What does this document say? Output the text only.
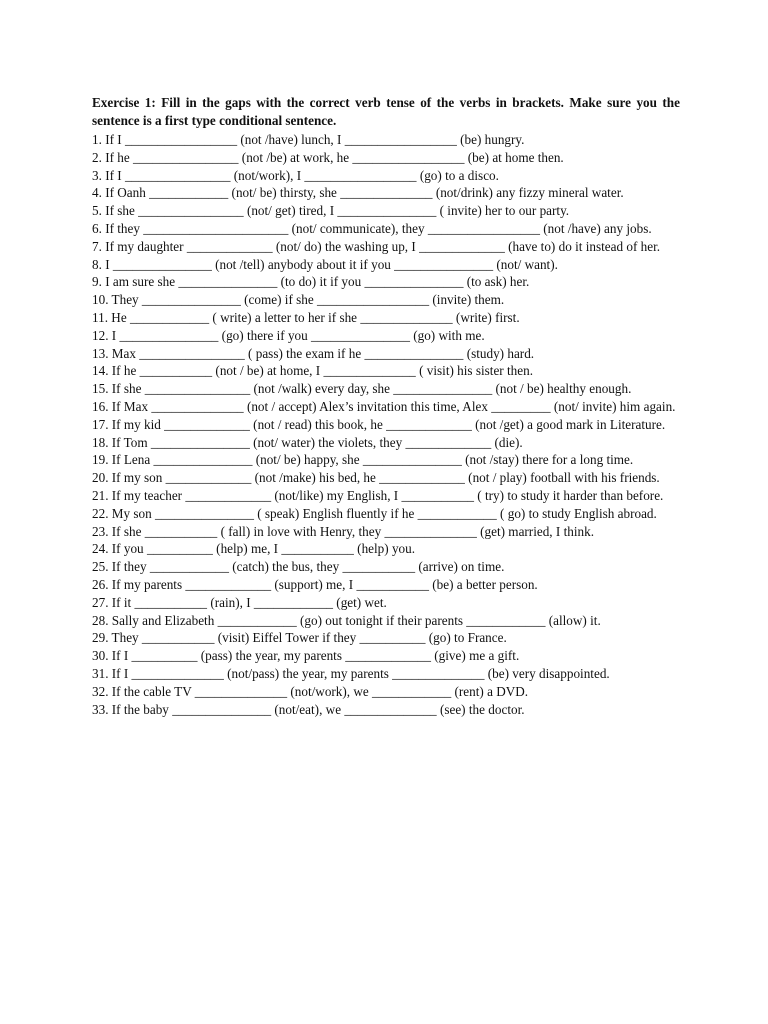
Exercise 1: Fill in the gaps with the correct verb tense of the verbs in brackets. Make sure you the sentence is a first type conditional sentence.

1. If I _________________ (not /have) lunch, I _________________ (be) hungry.

2. If he ________________ (not /be) at work, he _________________ (be) at home then.

3. If I ________________ (not/work), I _________________ (go) to a disco.

4. If Oanh ____________ (not/ be) thirsty, she ______________ (not/drink) any fizzy mineral water.

5. If she ________________ (not/ get) tired, I _______________ ( invite) her to our party.

6. If they ______________________ (not/ communicate), they _________________ (not /have) any jobs.

7. If my daughter _____________ (not/ do) the washing up, I _____________ (have to) do it instead of her.

8. I _______________ (not /tell) anybody about it if you _______________ (not/ want).

9. I am sure she _______________ (to do) it if you _______________ (to ask) her.

10. They _______________ (come) if she _________________ (invite) them.

11. He ____________ ( write) a letter to her if she ______________ (write) first.

12. I _______________ (go) there if you _______________ (go) with me.

13. Max ________________ ( pass) the exam if he _______________ (study) hard.

14. If he ___________ (not / be) at home, I ______________ ( visit) his sister then.

15. If she ________________ (not /walk) every day, she _______________ (not / be) healthy enough.

16. If Max ______________ (not / accept) Alex’s invitation this time, Alex _________ (not/ invite) him again.

17. If my kid _____________ (not / read) this book, he _____________ (not /get) a good mark in Literature.

18. If Tom _______________ (not/ water) the violets, they _____________ (die).

19. If Lena _______________ (not/ be) happy, she _______________ (not /stay) there for a long time.

20. If my son _____________ (not /make) his bed, he _____________ (not / play) football with his friends.

21. If my teacher _____________ (not/like) my English, I ___________ ( try) to study it harder than before.

22. My son _______________ ( speak) English fluently if he ____________ ( go) to study English abroad.

23. If she ___________ ( fall) in love with Henry, they ______________ (get) married, I think.

24. If you __________ (help) me, I ___________ (help) you.

25. If they ____________ (catch) the bus, they ___________ (arrive) on time.

26. If my parents _____________ (support) me, I ___________ (be) a better person.

27. If it ___________ (rain), I ____________ (get) wet.

28. Sally and Elizabeth ____________ (go) out tonight if their parents ____________ (allow) it.

29. They ___________ (visit) Eiffel Tower if they __________ (go) to France.

30. If I __________ (pass) the year, my parents _____________ (give) me a gift.

31. If I ______________ (not/pass) the year, my parents ______________ (be) very disappointed.

32. If the cable TV ______________ (not/work), we ____________ (rent) a DVD.

33. If the baby _______________ (not/eat), we ______________ (see) the doctor.
